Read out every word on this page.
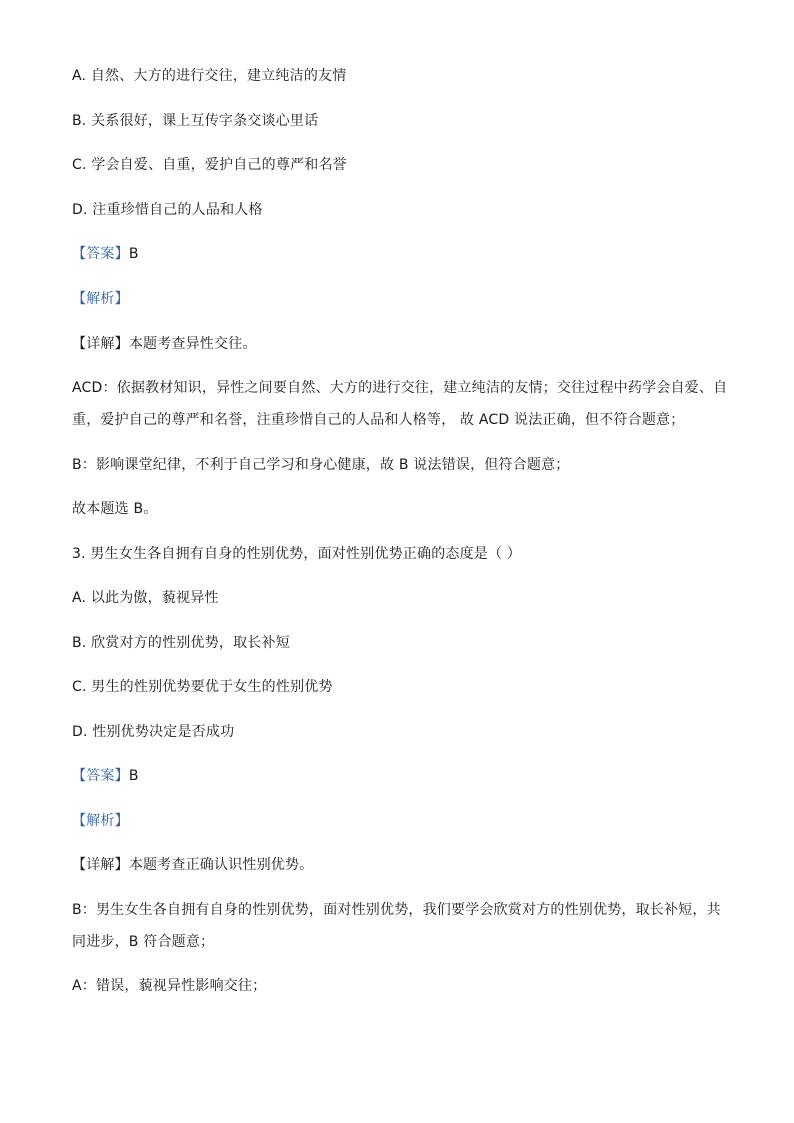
A. 自然、大方的进行交往，建立纯洁的友情
B. 关系很好，课上互传字条交谈心里话
C. 学会自爱、自重，爱护自己的尊严和名誉
D. 注重珍惜自己的人品和人格
【答案】B
【解析】
【详解】本题考查异性交往。
ACD：依据教材知识，异性之间要自然、大方的进行交往，建立纯洁的友情；交往过程中药学会自爱、自
重，爱护自己的尊严和名誉，注重珍惜自己的人品和人格等， 故 ACD 说法正确，但不符合题意；
B：影响课堂纪律，不利于自己学习和身心健康，故 B 说法错误，但符合题意；
故本题选 B。
3. 男生女生各自拥有自身的性别优势，面对性别优势正确的态度是（ ）
A. 以此为傲，藐视异性
B. 欣赏对方的性别优势，取长补短
C. 男生的性别优势要优于女生的性别优势
D. 性别优势决定是否成功
【答案】B
【解析】
【详解】本题考查正确认识性别优势。
B：男生女生各自拥有自身的性别优势，面对性别优势，我们要学会欣赏对方的性别优势，取长补短，共
同进步，B 符合题意；
A：错误，藐视异性影响交往；
